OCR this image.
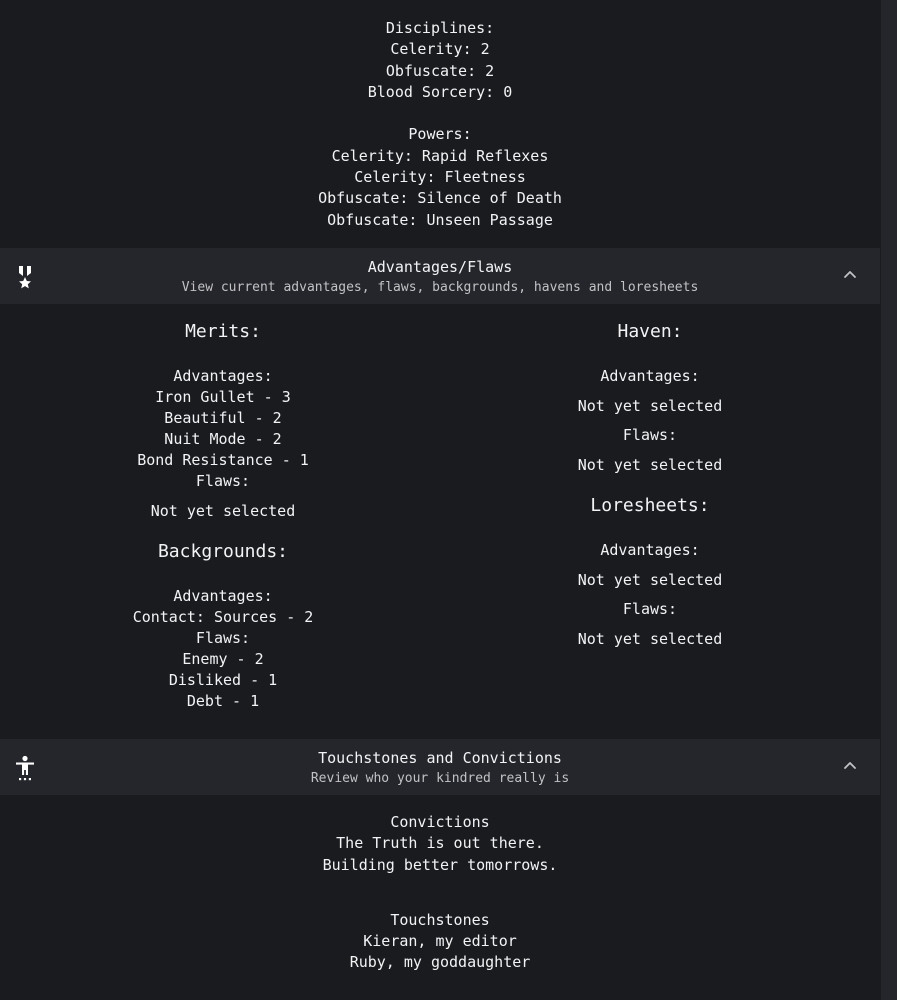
Disciplines:
Celerity: 2
Obfuscate: 2
Blood Sorcery: 0
Powers:
Celerity: Rapid Reflexes
Celerity: Fleetness
Obfuscate: Silence of Death
Obfuscate: Unseen Passage
Advantages/Flaws
View current advantages, flaws, backgrounds, havens and loresheets
Merits:
Advantages:
Iron Gullet - 3
Beautiful - 2
Nuit Mode - 2
Bond Resistance - 1
Flaws:
Not yet selected
Backgrounds:
Advantages:
Contact: Sources - 2
Flaws:
Enemy - 2
Disliked - 1
Debt - 1
Haven:
Advantages:
Not yet selected
Flaws:
Not yet selected
Loresheets:
Advantages:
Not yet selected
Flaws:
Not yet selected
Touchstones and Convictions
Review who your kindred really is
Convictions
The Truth is out there.
Building better tomorrows.
Touchstones
Kieran, my editor
Ruby, my goddaughter
